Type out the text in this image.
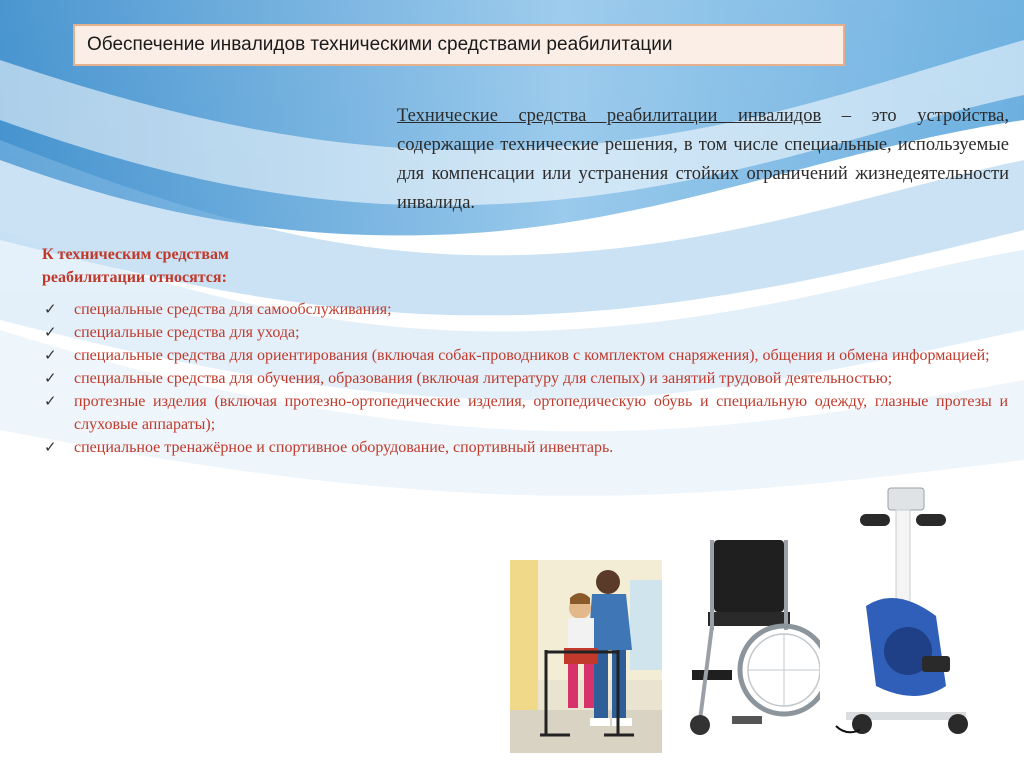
Обеспечение инвалидов техническими средствами реабилитации

Технические средства реабилитации инвалидов – это устройства, содержащие технические решения, в том числе специальные, используемые для компенсации или устранения стойких ограничений жизнедеятельности инвалида.

К техническим средствам
реабилитации относятся:

✓ специальные средства для самообслуживания;
✓ специальные средства для ухода;
✓ специальные средства для ориентирования (включая собак-проводников с комплектом снаряжения), общения и обмена информацией;
✓ специальные средства для обучения, образования (включая литературу для слепых) и занятий трудовой деятельностью;
✓ протезные изделия (включая протезно-ортопедические изделия, ортопедическую обувь и специальную одежду, глазные протезы и слуховые аппараты);
✓ специальное тренажёрное и спортивное оборудование, спортивный инвентарь.
